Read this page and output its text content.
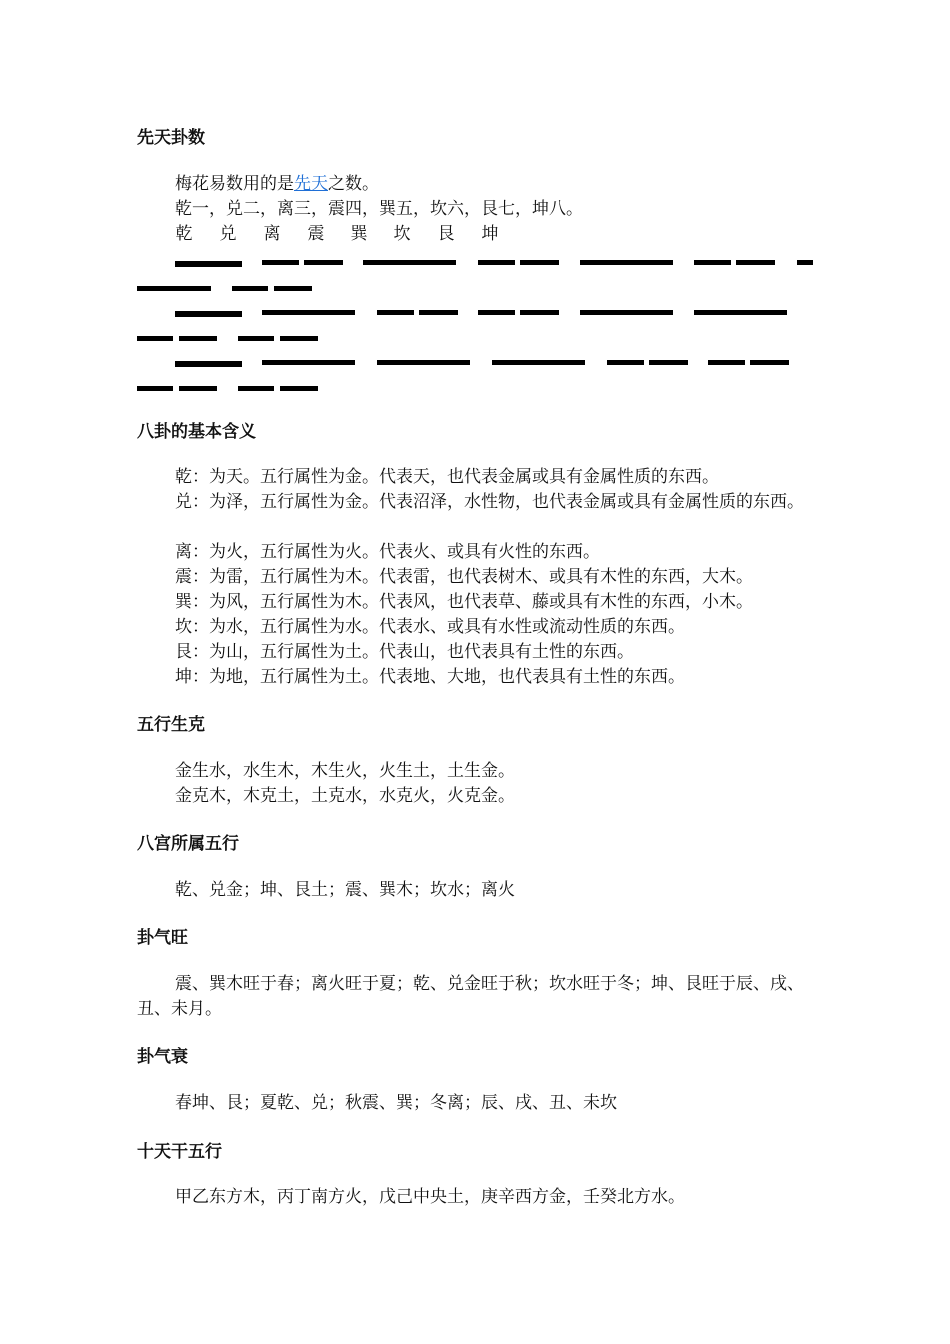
先天卦数

梅花易数用的是先天之数。

乾一，兑二，离三，震四，巽五，坎六，艮七，坤八。

乾 兑 离 震 巽 坎 艮 坤
八卦的基本含义

乾：为天。五行属性为金。代表天，也代表金属或具有金属性质的东西。

兑：为泽，五行属性为金。代表沼泽，水性物，也代表金属或具有金属性质的东西。

离：为火，五行属性为火。代表火、或具有火性的东西。

震：为雷，五行属性为木。代表雷，也代表树木、或具有木性的东西，大木。

巽：为风，五行属性为木。代表风，也代表草、藤或具有木性的东西，小木。

坎：为水，五行属性为水。代表水、或具有水性或流动性质的东西。

艮：为山，五行属性为土。代表山，也代表具有土性的东西。

坤：为地，五行属性为土。代表地、大地，也代表具有土性的东西。

五行生克

金生水，水生木，木生火，火生土，土生金。

金克木，木克土，土克水，水克火，火克金。

八宫所属五行

乾、兑金；坤、艮土；震、巽木；坎水；离火

卦气旺

震、巽木旺于春；离火旺于夏；乾、兑金旺于秋；坎水旺于冬；坤、艮旺于辰、戌、丑、未月。

卦气衰

春坤、艮；夏乾、兑；秋震、巽；冬离；辰、戌、丑、未坎

十天干五行

甲乙东方木，丙丁南方火，戊己中央土，庚辛西方金，壬癸北方水。
